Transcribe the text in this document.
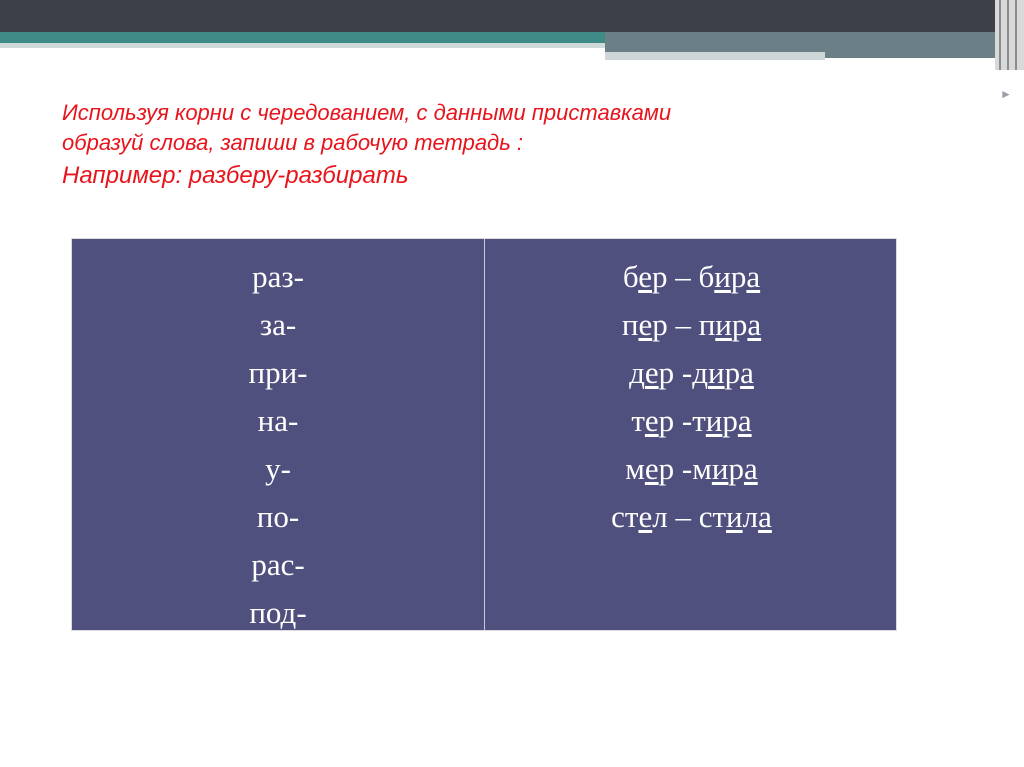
►
Используя корни с чередованием, с данными приставками
образуй слова, запиши в рабочую тетрадь :
Например: разберу-разбирать
раз-
за-
при-
на-
у-
по-
рас-
под-
бер – бира
пер – пира
дер -дира
тер -тира
мер -мира
стел – стила
